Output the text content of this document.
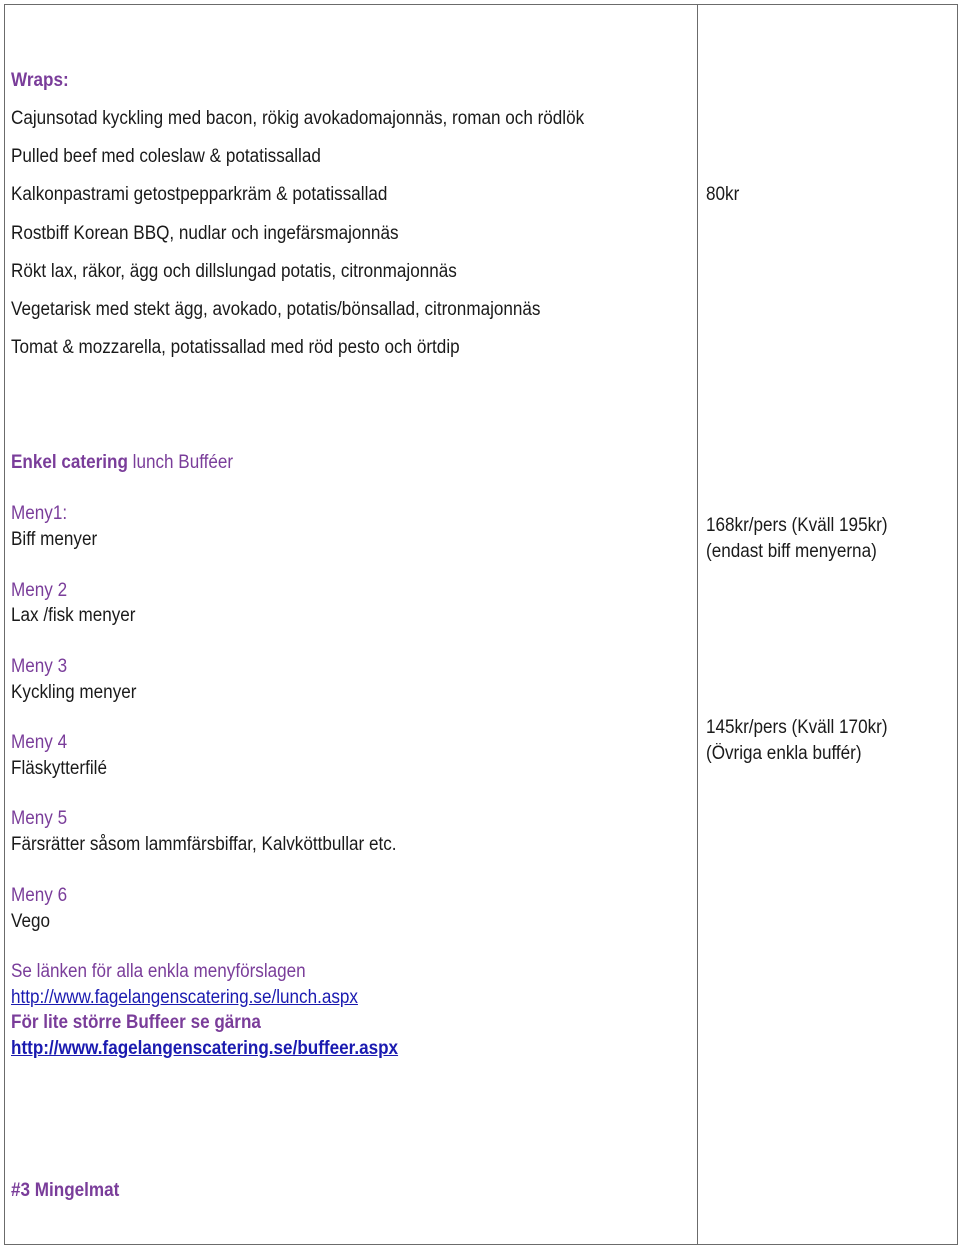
Wraps:
Cajunsotad kyckling med bacon, rökig avokadomajonnäs, roman och rödlök
Pulled beef med coleslaw & potatissallad
Kalkonpastrami getostpepparkräm & potatissallad
Rostbiff Korean BBQ, nudlar och ingefärsmajonnäs
Rökt lax, räkor, ägg och dillslungad potatis, citronmajonnäs
Vegetarisk med stekt ägg, avokado, potatis/bönsallad, citronmajonnäs
Tomat & mozzarella, potatissallad med röd pesto och örtdip
80kr
Enkel catering lunch Bufféer
Meny1:
Biff menyer
Meny 2
Lax /fisk menyer
Meny 3
Kyckling menyer
Meny 4
Fläskytterfilé
Meny 5
Färsrätter såsom lammfärsbiffar, Kalvköttbullar etc.
Meny 6
Vego
168kr/pers (Kväll 195kr)
(endast biff menyerna)
145kr/pers (Kväll 170kr)
(Övriga enkla buffér)
Se länken för alla enkla menyförslagen
http://www.fagelangenscatering.se/lunch.aspx
För lite större Buffeer se gärna
http://www.fagelangenscatering.se/buffeer.aspx
#3 Mingelmat
